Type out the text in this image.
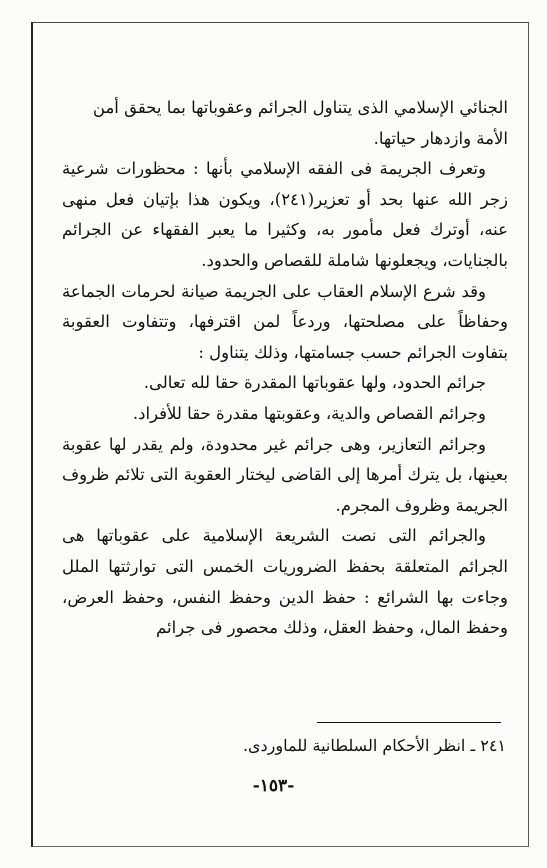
الجنائي الإسلامي الذى يتناول الجرائم وعقوباتها بما يحقق أمن الأمة وازدهار حياتها.

وتعرف الجريمة فى الفقه الإسلامي بأنها : محظورات شرعية زجر الله عنها بحد أو تعزير(٢٤١)، ويكون هذا بإتيان فعل منهى عنه، أوترك فعل مأمور به، وكثيرا ما يعبر الفقهاء عن الجرائم بالجنايات، ويجعلونها شاملة للقصاص والحدود.

وقد شرع الإسلام العقاب على الجريمة صيانة لحرمات الجماعة وحفاظاً على مصلحتها، وردعاً لمن اقترفها، وتتفاوت العقوبة بتفاوت الجرائم حسب جسامتها، وذلك يتناول :

جرائم الحدود، ولها عقوباتها المقدرة حقا لله تعالى.

وجرائم القصاص والدية، وعقوبتها مقدرة حقا للأفراد.

وجرائم التعازير، وهى جرائم غير محدودة، ولم يقدر لها عقوبة بعينها، بل يترك أمرها إلى القاضى ليختار العقوبة التى تلائم ظروف الجريمة وظروف المجرم.

والجرائم التى نصت الشريعة الإسلامية على عقوباتها هى الجرائم المتعلقة بحفظ الضروريات الخمس التى توارثتها الملل وجاءت بها الشرائع : حفظ الدين وحفظ النفس، وحفظ العرض، وحفظ المال، وحفظ العقل، وذلك محصور فى جرائم

٢٤١ ـ انظر الأحكام السلطانية للماوردى.
-١٥٣-
